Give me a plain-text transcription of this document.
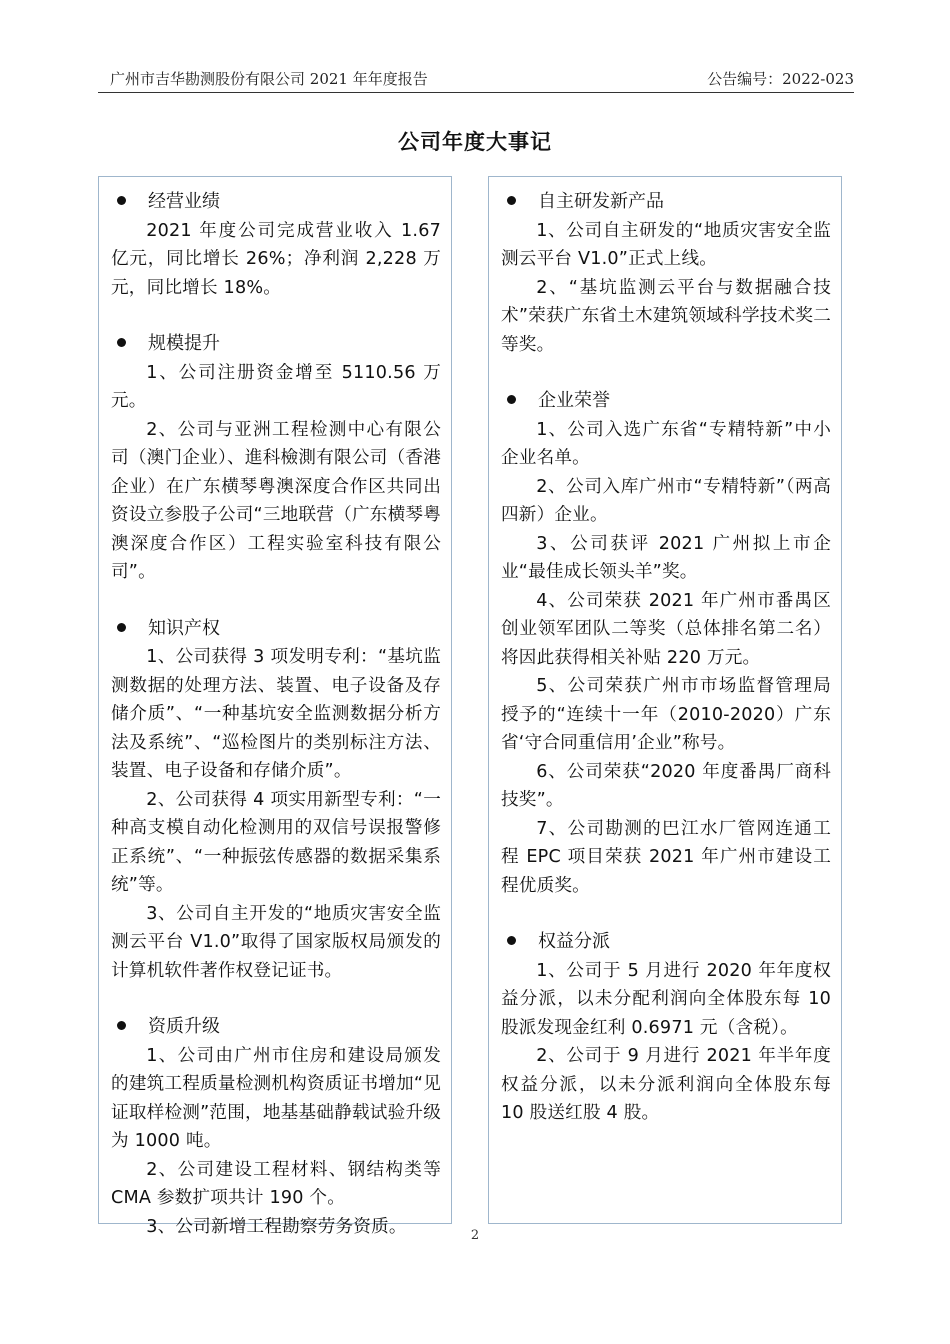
广州市吉华勘测股份有限公司 2021 年年度报告	公告编号：2022-023
公司年度大事记
经营业绩
2021 年度公司完成营业收入 1.67 亿元，同比增长 26%；净利润 2,228 万元，同比增长 18%。
规模提升
1、公司注册资金增至 5110.56 万元。
2、公司与亚洲工程检测中心有限公司（澳门企业）、進科檢測有限公司（香港企业）在广东横琴粤澳深度合作区共同出资设立参股子公司“三地联营（广东横琴粤澳深度合作区）工程实验室科技有限公司”。
知识产权
1、公司获得 3 项发明专利：“基坑监测数据的处理方法、装置、电子设备及存储介质”、“一种基坑安全监测数据分析方法及系统”、“巡检图片的类别标注方法、装置、电子设备和存储介质”。
2、公司获得 4 项实用新型专利：“一种高支模自动化检测用的双信号误报警修正系统”、“一种振弦传感器的数据采集系统”等。
3、公司自主开发的“地质灾害安全监测云平台 V1.0”取得了国家版权局颁发的计算机软件著作权登记证书。
资质升级
1、公司由广州市住房和建设局颁发的建筑工程质量检测机构资质证书增加“见证取样检测”范围，地基基础静载试验升级为 1000 吨。
2、公司建设工程材料、钢结构类等 CMA 参数扩项共计 190 个。
3、公司新增工程勘察劳务资质。
自主研发新产品
1、公司自主研发的“地质灾害安全监测云平台 V1.0”正式上线。
2、“基坑监测云平台与数据融合技术”荣获广东省土木建筑领域科学技术奖二等奖。
企业荣誉
1、公司入选广东省“专精特新”中小企业名单。
2、公司入库广州市“专精特新”（两高四新）企业。
3、公司获评 2021 广州拟上市企业“最佳成长领头羊”奖。
4、公司荣获 2021 年广州市番禺区创业领军团队二等奖（总体排名第二名）将因此获得相关补贴 220 万元。
5、公司荣获广州市市场监督管理局授予的“连续十一年（2010-2020）广东省‘守合同重信用’企业”称号。
6、公司荣获“2020 年度番禺厂商科技奖”。
7、公司勘测的巴江水厂管网连通工程 EPC 项目荣获 2021 年广州市建设工程优质奖。
权益分派
1、公司于 5 月进行 2020 年年度权益分派，以未分配利润向全体股东每 10 股派发现金红利 0.6971 元（含税）。
2、公司于 9 月进行 2021 年半年度权益分派，以未分派利润向全体股东每 10 股送红股 4 股。
2
